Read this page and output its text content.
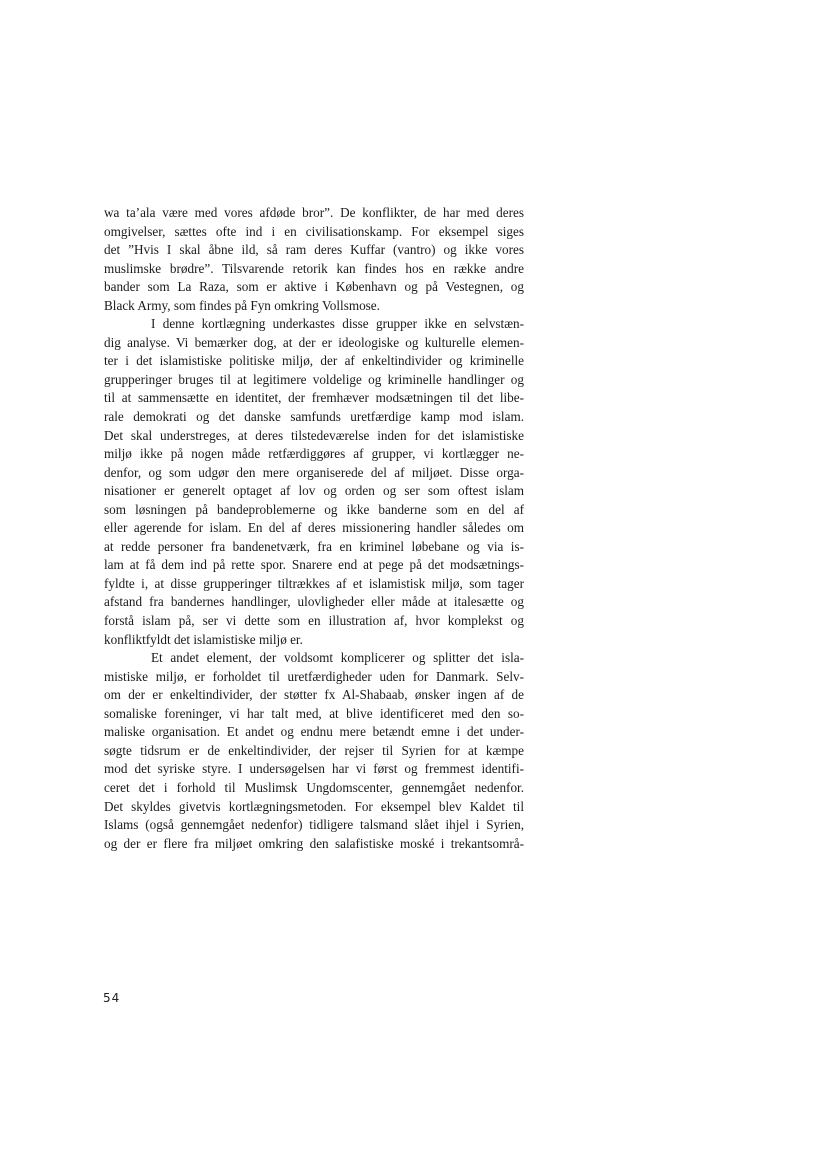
wa ta’ala være med vores afdøde bror”. De konflikter, de har med deres
omgivelser, sættes ofte ind i en civilisationskamp. For eksempel siges
det ”Hvis I skal åbne ild, så ram deres Kuffar (vantro) og ikke vores
muslimske brødre”. Tilsvarende retorik kan findes hos en række andre
bander som La Raza, som er aktive i København og på Vestegnen, og
Black Army, som findes på Fyn omkring Vollsmose.
I denne kortlægning underkastes disse grupper ikke en selvstæn-
dig analyse. Vi bemærker dog, at der er ideologiske og kulturelle elemen-
ter i det islamistiske politiske miljø, der af enkeltindivider og kriminelle
grupperinger bruges til at legitimere voldelige og kriminelle handlinger og
til at sammensætte en identitet, der fremhæver modsætningen til det libe-
rale demokrati og det danske samfunds uretfærdige kamp mod islam.
Det skal understreges, at deres tilstedeværelse inden for det islamistiske
miljø ikke på nogen måde retfærdiggøres af grupper, vi kortlægger ne-
denfor, og som udgør den mere organiserede del af miljøet. Disse orga-
nisationer er generelt optaget af lov og orden og ser som oftest islam
som løsningen på bandeproblemerne og ikke banderne som en del af
eller agerende for islam. En del af deres missionering handler således om
at redde personer fra bandenetværk, fra en kriminel løbebane og via is-
lam at få dem ind på rette spor. Snarere end at pege på det modsætnings-
fyldte i, at disse grupperinger tiltrækkes af et islamistisk miljø, som tager
afstand fra bandernes handlinger, ulovligheder eller måde at italesætte og
forstå islam på, ser vi dette som en illustration af, hvor komplekst og
konfliktfyldt det islamistiske miljø er.
Et andet element, der voldsomt komplicerer og splitter det isla-
mistiske miljø, er forholdet til uretfærdigheder uden for Danmark. Selv-
om der er enkeltindivider, der støtter fx Al-Shabaab, ønsker ingen af de
somaliske foreninger, vi har talt med, at blive identificeret med den so-
maliske organisation. Et andet og endnu mere betændt emne i det under-
søgte tidsrum er de enkeltindivider, der rejser til Syrien for at kæmpe
mod det syriske styre. I undersøgelsen har vi først og fremmest identifi-
ceret det i forhold til Muslimsk Ungdomscenter, gennemgået nedenfor.
Det skyldes givetvis kortlægningsmetoden. For eksempel blev Kaldet til
Islams (også gennemgået nedenfor) tidligere talsmand slået ihjel i Syrien,
og der er flere fra miljøet omkring den salafistiske moské i trekantsområ-
54
